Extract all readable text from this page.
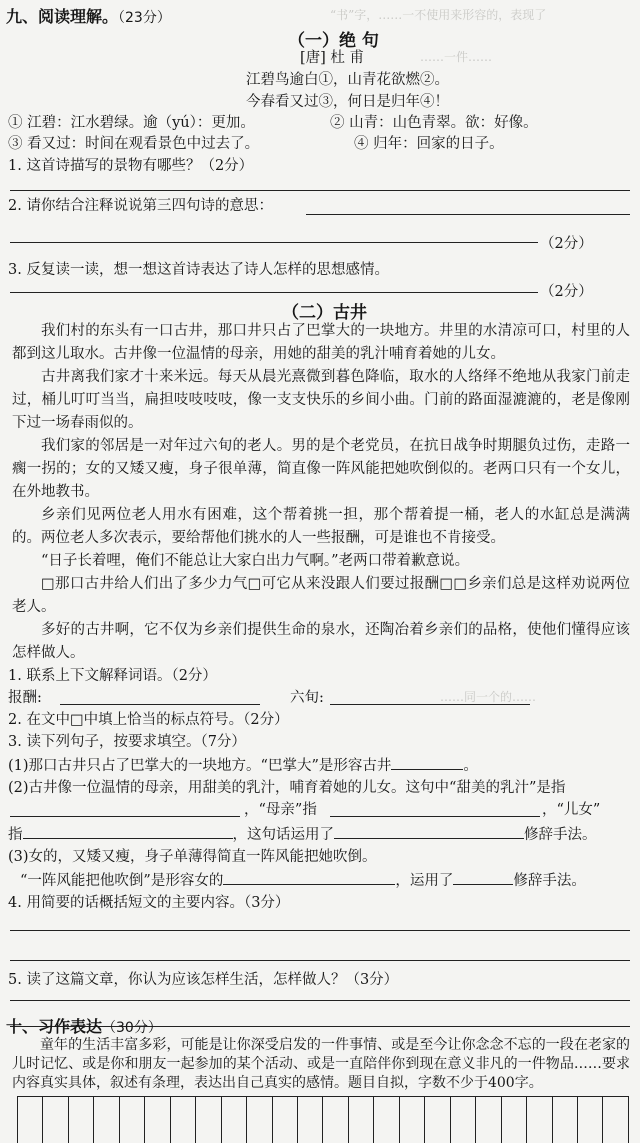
“书”字，……一不使用来形容的，表现了
……一件……
……同一个的……
九、阅读理解。（23分）
（一）绝 句
[唐] 杜 甫
江碧鸟逾白①，山青花欲燃②。
今春看又过③，何日是归年④！
① 江碧：江水碧绿。逾（yú）：更加。	② 山青：山色青翠。欲：好像。
③ 看又过：时间在观看景色中过去了。	④ 归年：回家的日子。
1. 这首诗描写的景物有哪些？（2分）
2. 请你结合注释说说第三四句诗的意思：
（2分）
3. 反复读一读，想一想这首诗表达了诗人怎样的思想感情。
（2分）
（二）古井
我们村的东头有一口古井，那口井只占了巴掌大的一块地方。井里的水清凉可口，村里的人都到这儿取水。古井像一位温情的母亲，用她的甜美的乳汁哺育着她的儿女。
古井离我们家才十来米远。每天从晨光熹微到暮色降临，取水的人络绎不绝地从我家门前走过，桶儿叮叮当当，扁担吱吱吱吱，像一支支快乐的乡间小曲。门前的路面湿漉漉的，老是像刚下过一场春雨似的。
我们家的邻居是一对年过六旬的老人。男的是个老党员，在抗日战争时期腿负过伤，走路一瘸一拐的；女的又矮又瘦，身子很单薄，简直像一阵风能把她吹倒似的。老两口只有一个女儿，在外地教书。
乡亲们见两位老人用水有困难，这个帮着挑一担，那个帮着提一桶，老人的水缸总是满满的。两位老人多次表示，要给帮他们挑水的人一些报酬，可是谁也不肯接受。
“日子长着哩，俺们不能总让大家白出力气啊。”老两口带着歉意说。
□那口古井给人们出了多少力气□可它从来没跟人们要过报酬□□乡亲们总是这样劝说两位老人。
多好的古井啊，它不仅为乡亲们提供生命的泉水，还陶冶着乡亲们的品格，使他们懂得应该怎样做人。
1. 联系上下文解释词语。（2分）
报酬:	六旬:
2. 在文中□中填上恰当的标点符号。（2分）
3. 读下列句子，按要求填空。（7分）
(1)那口古井只占了巴掌大的一块地方。“巴掌大”是形容古井	。
(2)古井像一位温情的母亲，用甜美的乳汁，哺育着她的儿女。这句中“甜美的乳汁”是指
，“母亲”指	，“儿女”
指	，这句话运用了	修辞手法。
(3)女的，又矮又瘦，身子单薄得简直一阵风能把她吹倒。
“一阵风能把他吹倒”是形容女的	，运用了	修辞手法。
4. 用简要的话概括短文的主要内容。（3分）
5. 读了这篇文章，你认为应该怎样生活，怎样做人？（3分）
十、习作表达（30分）
童年的生活丰富多彩，可能是让你深受启发的一件事情、或是至今让你念念不忘的一段在老家的儿时记忆、或是你和朋友一起参加的某个活动、或是一直陪伴你到现在意义非凡的一件物品……要求内容真实具体，叙述有条理，表达出自己真实的感情。题目自拟，字数不少于400字。
